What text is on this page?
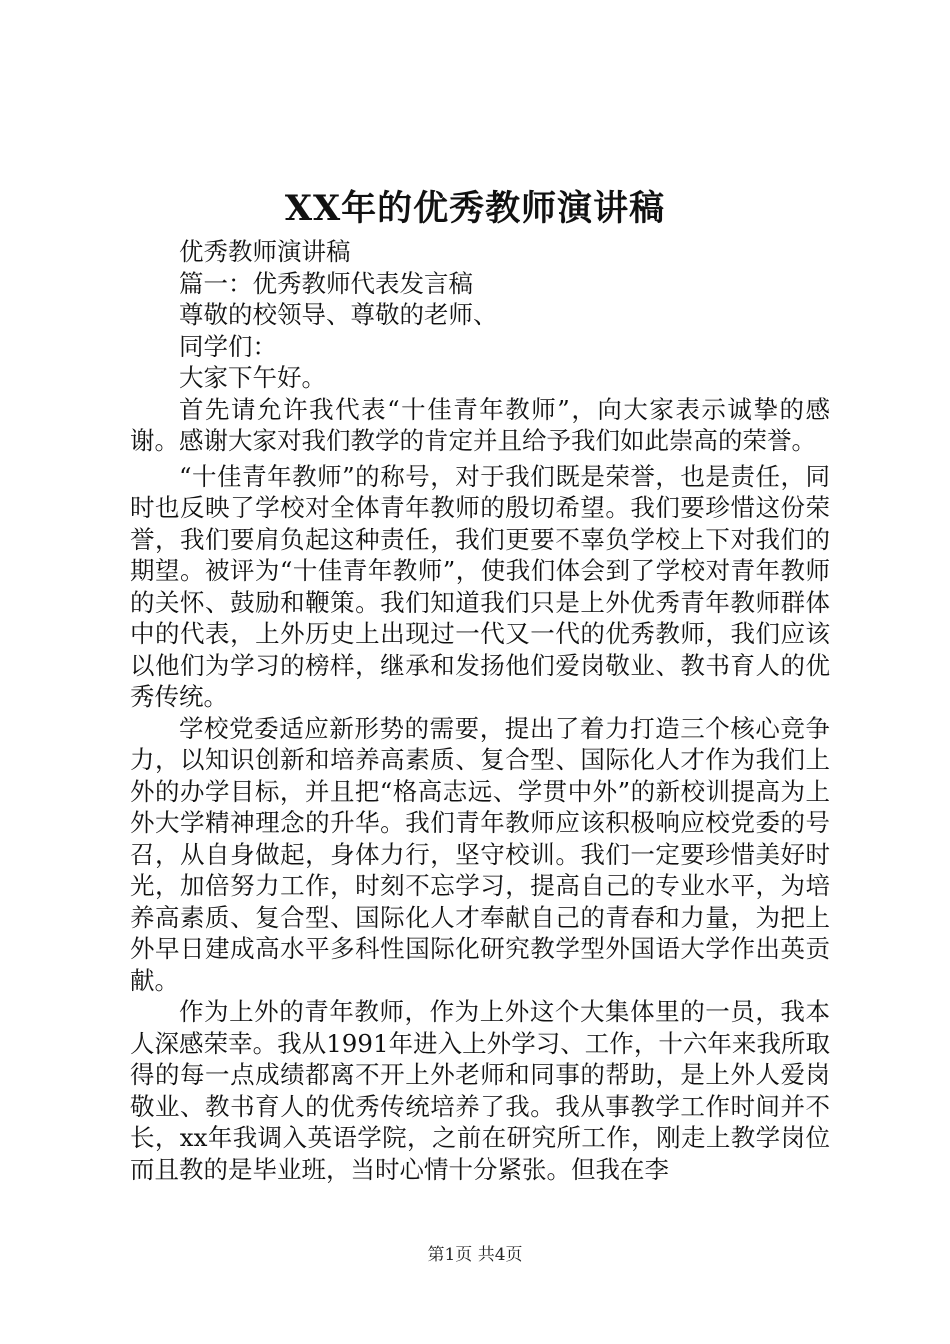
XX年的优秀教师演讲稿

优秀教师演讲稿

篇一：优秀教师代表发言稿

尊敬的校领导、尊敬的老师、

同学们：

大家下午好。

首先请允许我代表“十佳青年教师”，向大家表示诚挚的感谢。感谢大家对我们教学的肯定并且给予我们如此崇高的荣誉。

“十佳青年教师”的称号，对于我们既是荣誉，也是责任，同时也反映了学校对全体青年教师的殷切希望。我们要珍惜这份荣誉，我们要肩负起这种责任，我们更要不辜负学校上下对我们的期望。被评为“十佳青年教师”，使我们体会到了学校对青年教师的关怀、鼓励和鞭策。我们知道我们只是上外优秀青年教师群体中的代表，上外历史上出现过一代又一代的优秀教师，我们应该以他们为学习的榜样，继承和发扬他们爱岗敬业、教书育人的优秀传统。

学校党委适应新形势的需要，提出了着力打造三个核心竞争力，以知识创新和培养高素质、复合型、国际化人才作为我们上外的办学目标，并且把“格高志远、学贯中外”的新校训提高为上外大学精神理念的升华。我们青年教师应该积极响应校党委的号召，从自身做起，身体力行，坚守校训。我们一定要珍惜美好时光，加倍努力工作，时刻不忘学习，提高自己的专业水平，为培养高素质、复合型、国际化人才奉献自己的青春和力量，为把上外早日建成高水平多科性国际化研究教学型外国语大学作出英贡献。

作为上外的青年教师，作为上外这个大集体里的一员，我本人深感荣幸。我从1991年进入上外学习、工作，十六年来我所取得的每一点成绩都离不开上外老师和同事的帮助，是上外人爱岗敬业、教书育人的优秀传统培养了我。我从事教学工作时间并不长，xx年我调入英语学院，之前在研究所工作，刚走上教学岗位而且教的是毕业班，当时心情十分紧张。但我在李

第1页 共4页
